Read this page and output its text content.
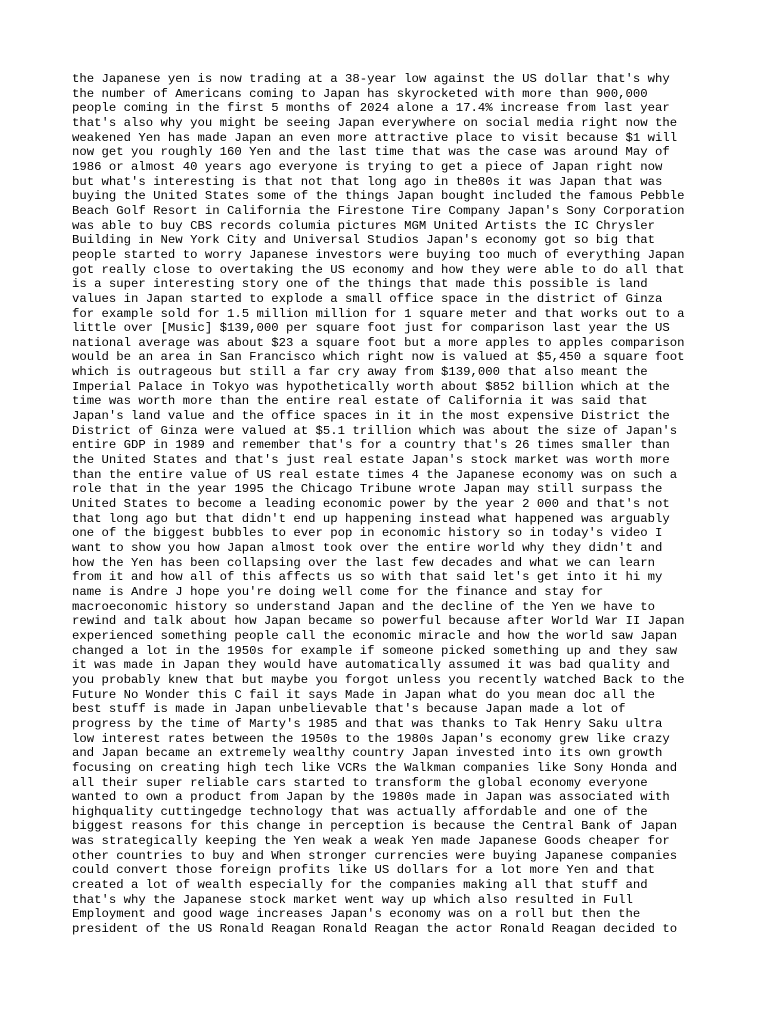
the Japanese yen is now trading at a 38-year low against the US dollar that's why
the number of Americans coming to Japan has skyrocketed with more than 900,000
people coming in the first 5 months of 2024 alone a 17.4% increase from last year
that's also why you might be seeing Japan everywhere on social media right now the
weakened Yen has made Japan an even more attractive place to visit because $1 will
now get you roughly 160 Yen and the last time that was the case was around May of
1986 or almost 40 years ago everyone is trying to get a piece of Japan right now
but what's interesting is that not that long ago in the80s it was Japan that was
buying the United States some of the things Japan bought included the famous Pebble
Beach Golf Resort in California the Firestone Tire Company Japan's Sony Corporation
was able to buy CBS records columia pictures MGM United Artists the IC Chrysler
Building in New York City and Universal Studios Japan's economy got so big that
people started to worry Japanese investors were buying too much of everything Japan
got really close to overtaking the US economy and how they were able to do all that
is a super interesting story one of the things that made this possible is land
values in Japan started to explode a small office space in the district of Ginza
for example sold for 1.5 million million for 1 square meter and that works out to a
little over [Music] $139,000 per square foot just for comparison last year the US
national average was about $23 a square foot but a more apples to apples comparison
would be an area in San Francisco which right now is valued at $5,450 a square foot
which is outrageous but still a far cry away from $139,000 that also meant the
Imperial Palace in Tokyo was hypothetically worth about $852 billion which at the
time was worth more than the entire real estate of California it was said that
Japan's land value and the office spaces in it in the most expensive District the
District of Ginza were valued at $5.1 trillion which was about the size of Japan's
entire GDP in 1989 and remember that's for a country that's 26 times smaller than
the United States and that's just real estate Japan's stock market was worth more
than the entire value of US real estate times 4 the Japanese economy was on such a
role that in the year 1995 the Chicago Tribune wrote Japan may still surpass the
United States to become a leading economic power by the year 2 000 and that's not
that long ago but that didn't end up happening instead what happened was arguably
one of the biggest bubbles to ever pop in economic history so in today's video I
want to show you how Japan almost took over the entire world why they didn't and
how the Yen has been collapsing over the last few decades and what we can learn
from it and how all of this affects us so with that said let's get into it hi my
name is Andre J hope you're doing well come for the finance and stay for
macroeconomic history so understand Japan and the decline of the Yen we have to
rewind and talk about how Japan became so powerful because after World War II Japan
experienced something people call the economic miracle and how the world saw Japan
changed a lot in the 1950s for example if someone picked something up and they saw
it was made in Japan they would have automatically assumed it was bad quality and
you probably knew that but maybe you forgot unless you recently watched Back to the
Future No Wonder this C fail it says Made in Japan what do you mean doc all the
best stuff is made in Japan unbelievable that's because Japan made a lot of
progress by the time of Marty's 1985 and that was thanks to Tak Henry Saku ultra
low interest rates between the 1950s to the 1980s Japan's economy grew like crazy
and Japan became an extremely wealthy country Japan invested into its own growth
focusing on creating high tech like VCRs the Walkman companies like Sony Honda and
all their super reliable cars started to transform the global economy everyone
wanted to own a product from Japan by the 1980s made in Japan was associated with
highquality cuttingedge technology that was actually affordable and one of the
biggest reasons for this change in perception is because the Central Bank of Japan
was strategically keeping the Yen weak a weak Yen made Japanese Goods cheaper for
other countries to buy and When stronger currencies were buying Japanese companies
could convert those foreign profits like US dollars for a lot more Yen and that
created a lot of wealth especially for the companies making all that stuff and
that's why the Japanese stock market went way up which also resulted in Full
Employment and good wage increases Japan's economy was on a roll but then the
president of the US Ronald Reagan Ronald Reagan the actor Ronald Reagan decided to
